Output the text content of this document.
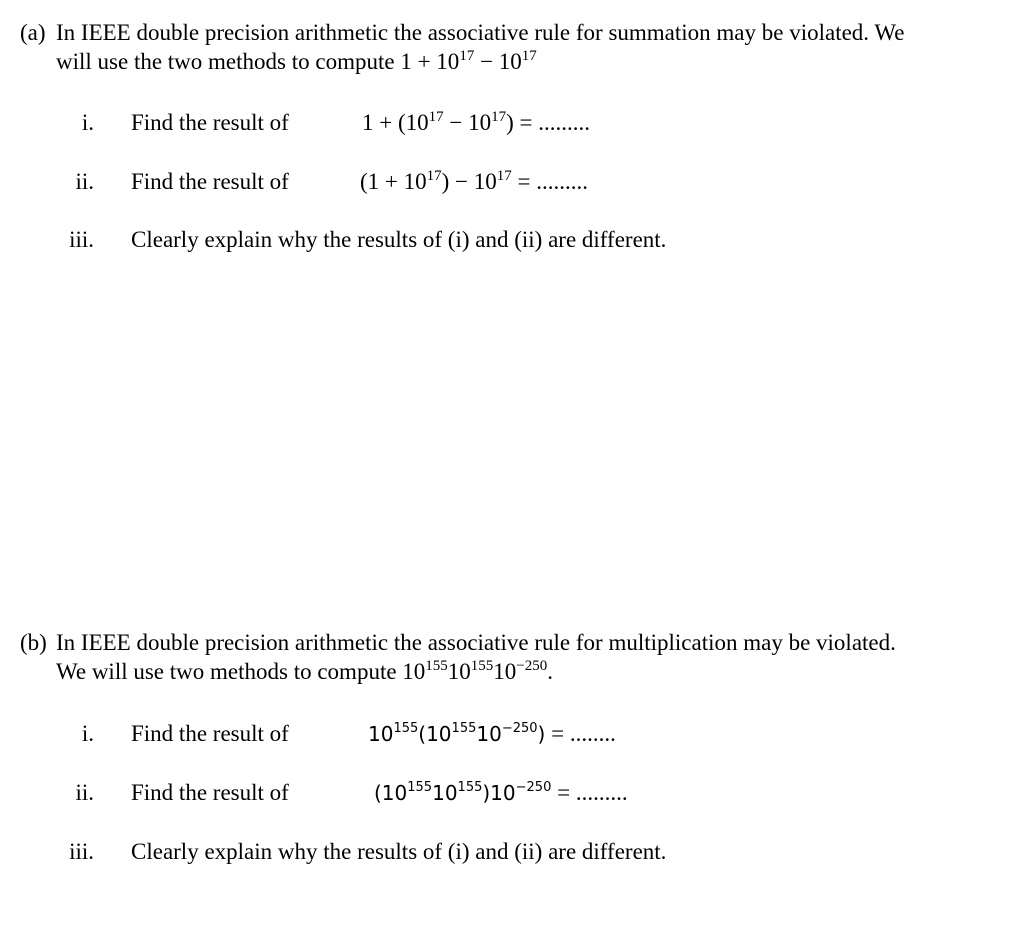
(a) In IEEE double precision arithmetic the associative rule for summation may be violated. We
will use the two methods to compute $1 + 10^{17} - 10^{17}$
i. Find the result of	$1 + (10^{17} - 10^{17})$ = .........
ii. Find the result of	$(1 + 10^{17}) - 10^{17}$ = .........
iii. Clearly explain why the results of (i) and (ii) are different.
(b) In IEEE double precision arithmetic the associative rule for multiplication may be violated.
We will use two methods to compute $10^{155}10^{155}10^{-250}$.
i. Find the result of	$10^{155}(10^{155}10^{-250})$ = ........
ii. Find the result of	$(10^{155}10^{155})10^{-250}$ = .........
iii. Clearly explain why the results of (i) and (ii) are different.
